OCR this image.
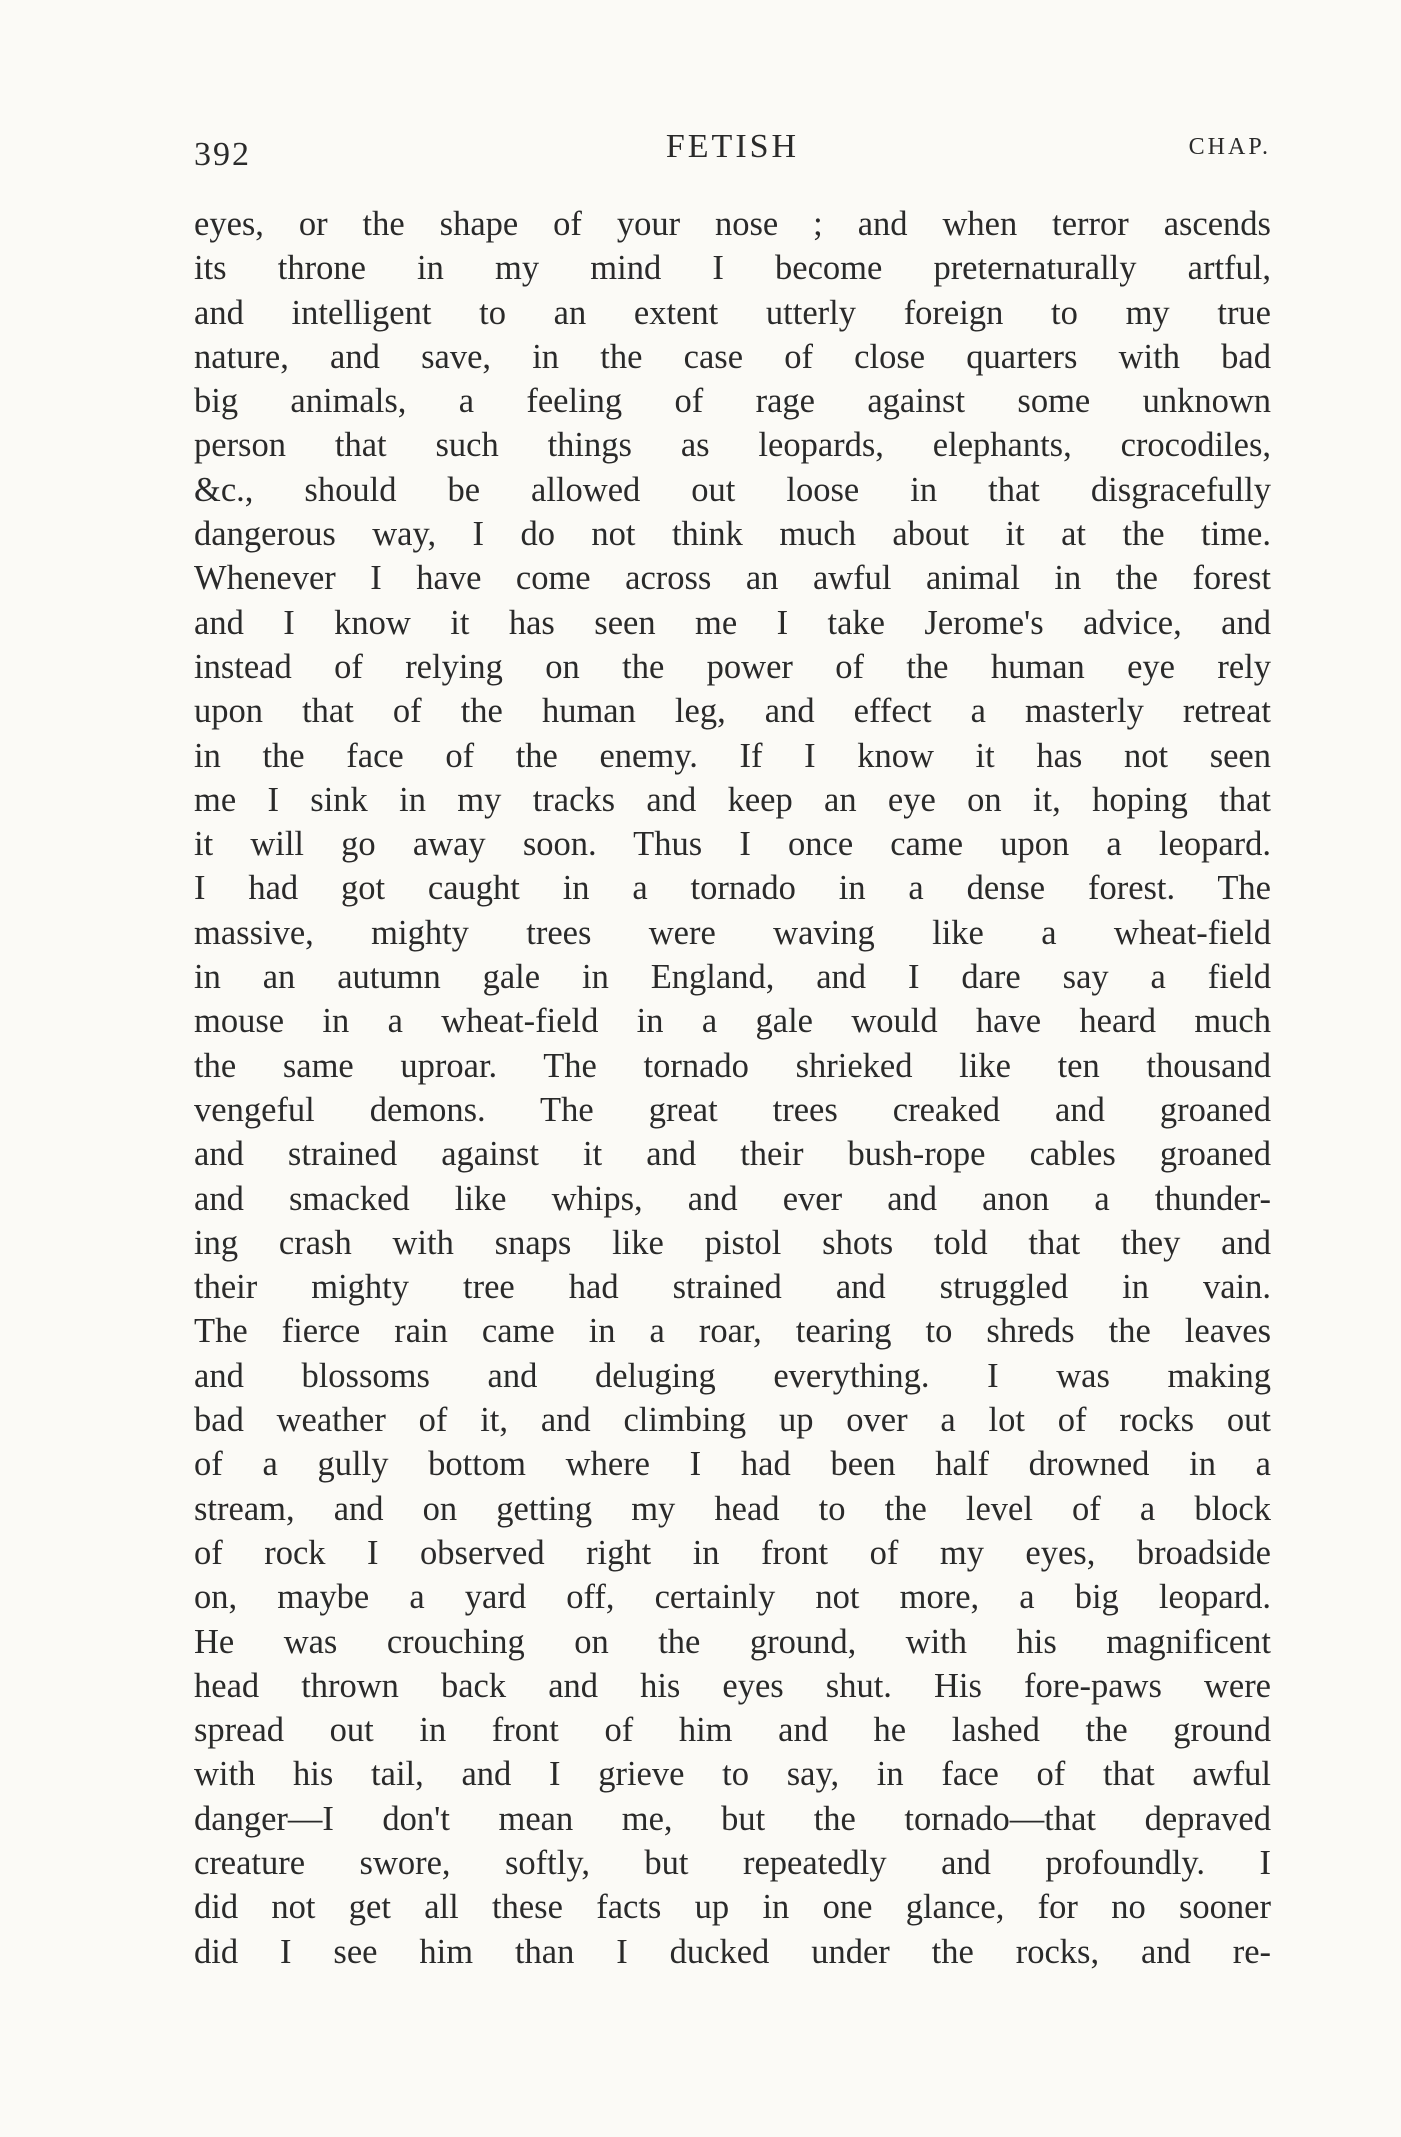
392	FETISH	CHAP.
eyes, or the shape of your nose ; and when terror ascends
its throne in my mind I become preternaturally artful,
and intelligent to an extent utterly foreign to my true
nature, and save, in the case of close quarters with bad
big animals, a feeling of rage against some unknown
person that such things as leopards, elephants, crocodiles,
&c., should be allowed out loose in that disgracefully
dangerous way, I do not think much about it at the time.
Whenever I have come across an awful animal in the forest
and I know it has seen me I take Jerome's advice, and
instead of relying on the power of the human eye rely
upon that of the human leg, and effect a masterly retreat
in the face of the enemy. If I know it has not seen
me I sink in my tracks and keep an eye on it, hoping that
it will go away soon. Thus I once came upon a leopard.
I had got caught in a tornado in a dense forest. The
massive, mighty trees were waving like a wheat-field
in an autumn gale in England, and I dare say a field
mouse in a wheat-field in a gale would have heard much
the same uproar. The tornado shrieked like ten thousand
vengeful demons. The great trees creaked and groaned
and strained against it and their bush-rope cables groaned
and smacked like whips, and ever and anon a thunder-
ing crash with snaps like pistol shots told that they and
their mighty tree had strained and struggled in vain.
The fierce rain came in a roar, tearing to shreds the leaves
and blossoms and deluging everything. I was making
bad weather of it, and climbing up over a lot of rocks out
of a gully bottom where I had been half drowned in a
stream, and on getting my head to the level of a block
of rock I observed right in front of my eyes, broadside
on, maybe a yard off, certainly not more, a big leopard.
He was crouching on the ground, with his magnificent
head thrown back and his eyes shut. His fore-paws were
spread out in front of him and he lashed the ground
with his tail, and I grieve to say, in face of that awful
danger—I don't mean me, but the tornado—that depraved
creature swore, softly, but repeatedly and profoundly. I
did not get all these facts up in one glance, for no sooner
did I see him than I ducked under the rocks, and re-
